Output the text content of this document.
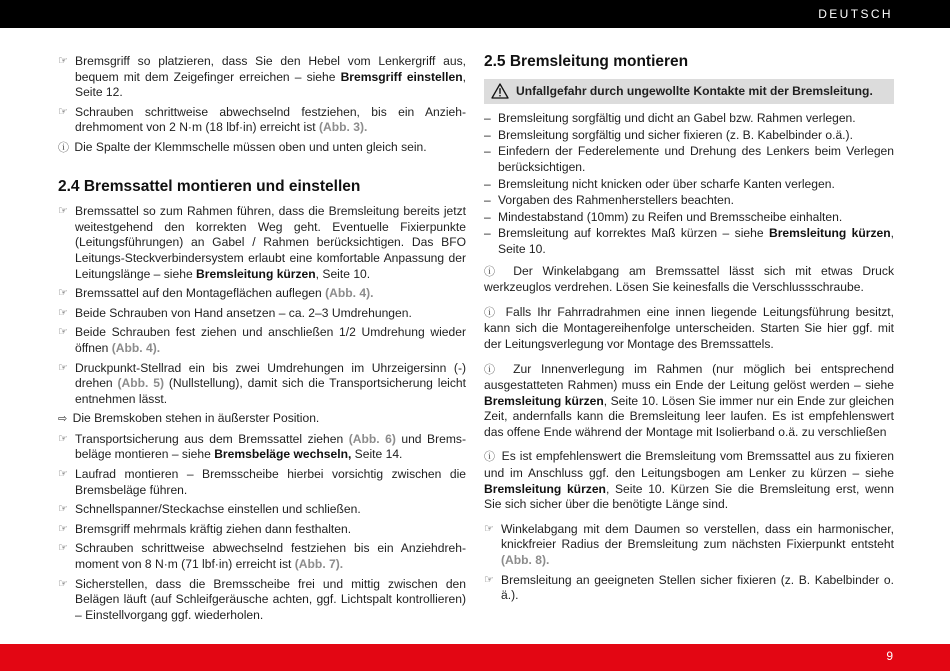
DEUTSCH
☞ Bremsgriff so platzieren, dass Sie den Hebel vom Lenkergriff aus, bequem mit dem Zeigefinger erreichen – siehe Bremsgriff einstellen, Seite 12.
☞ Schrauben schrittweise abwechselnd festziehen, bis ein Anziehdrehmoment von 2 N·m (18 lbf·in) erreicht ist (Abb. 3).
ⓘ Die Spalte der Klemmschelle müssen oben und unten gleich sein.
2.4 Bremssattel montieren und einstellen
☞ Bremssattel so zum Rahmen führen, dass die Bremsleitung bereits jetzt weitestgehend den korrekten Weg geht. Eventuelle Fixierpunkte (Leitungsführungen) an Gabel / Rahmen berücksichtigen. Das BFO Leitungs-Steckverbindersystem erlaubt eine komfortable Anpassung der Leitungslänge – siehe Bremsleitung kürzen, Seite 10.
☞ Bremssattel auf den Montageflächen auflegen (Abb. 4).
☞ Beide Schrauben von Hand ansetzen – ca. 2–3 Umdrehungen.
☞ Beide Schrauben fest ziehen und anschließen 1/2 Umdrehung wieder öffnen (Abb. 4).
☞ Druckpunkt-Stellrad ein bis zwei Umdrehungen im Uhrzeigersinn (-) drehen (Abb. 5) (Nullstellung), damit sich die Transportsicherung leicht entnehmen lässt.
⇨ Die Bremskoben stehen in äußerster Position.
☞ Transportsicherung aus dem Bremssattel ziehen (Abb. 6) und Bremsbeläge montieren – siehe Bremsbeläge wechseln, Seite 14.
☞ Laufrad montieren – Bremsscheibe hierbei vorsichtig zwischen die Bremsbeläge führen.
☞ Schnellspanner/Steckachse einstellen und schließen.
☞ Bremsgriff mehrmals kräftig ziehen dann festhalten.
☞ Schrauben schrittweise abwechselnd festziehen bis ein Anziehdrehmoment von 8 N·m (71 lbf·in) erreicht ist (Abb. 7).
☞ Sicherstellen, dass die Bremsscheibe frei und mittig zwischen den Belägen läuft (auf Schleifgeräusche achten, ggf. Lichtspalt kontrollieren) – Einstellvorgang ggf. wiederholen.
2.5 Bremsleitung montieren
Unfallgefahr durch ungewollte Kontakte mit der Bremsleitung.
– Bremsleitung sorgfältig und dicht an Gabel bzw. Rahmen verlegen.
– Bremsleitung sorgfältig und sicher fixieren (z. B. Kabelbinder o.ä.).
– Einfedern der Federelemente und Drehung des Lenkers beim Verlegen berücksichtigen.
– Bremsleitung nicht knicken oder über scharfe Kanten verlegen.
– Vorgaben des Rahmenherstellers beachten.
– Mindestabstand (10mm) zu Reifen und Bremsscheibe einhalten.
– Bremsleitung auf korrektes Maß kürzen – siehe Bremsleitung kürzen, Seite 10.
ⓘ Der Winkelabgang am Bremssattel lässt sich mit etwas Druck werkzeuglos verdrehen. Lösen Sie keinesfalls die Verschlussschraube.
ⓘ Falls Ihr Fahrradrahmen eine innen liegende Leitungsführung besitzt, kann sich die Montagereihenfolge unterscheiden. Starten Sie hier ggf. mit der Leitungsverlegung vor Montage des Bremssattels.
ⓘ Zur Innenverlegung im Rahmen (nur möglich bei entsprechend ausgestatteten Rahmen) muss ein Ende der Leitung gelöst werden – siehe Bremsleitung kürzen, Seite 10. Lösen Sie immer nur ein Ende zur gleichen Zeit, andernfalls kann die Bremsleitung leer laufen. Es ist empfehlenswert das offene Ende während der Montage mit Isolierband o.ä. zu verschließen
ⓘ Es ist empfehlenswert die Bremsleitung vom Bremssattel aus zu fixieren und im Anschluss ggf. den Leitungsbogen am Lenker zu kürzen – siehe Bremsleitung kürzen, Seite 10. Kürzen Sie die Bremsleitung erst, wenn Sie sich sicher über die benötigte Länge sind.
☞ Winkelabgang mit dem Daumen so verstellen, dass ein harmonischer, knickfreier Radius der Bremsleitung zum nächsten Fixierpunkt entsteht (Abb. 8).
☞ Bremsleitung an geeigneten Stellen sicher fixieren (z. B. Kabelbinder o. ä.).
9
